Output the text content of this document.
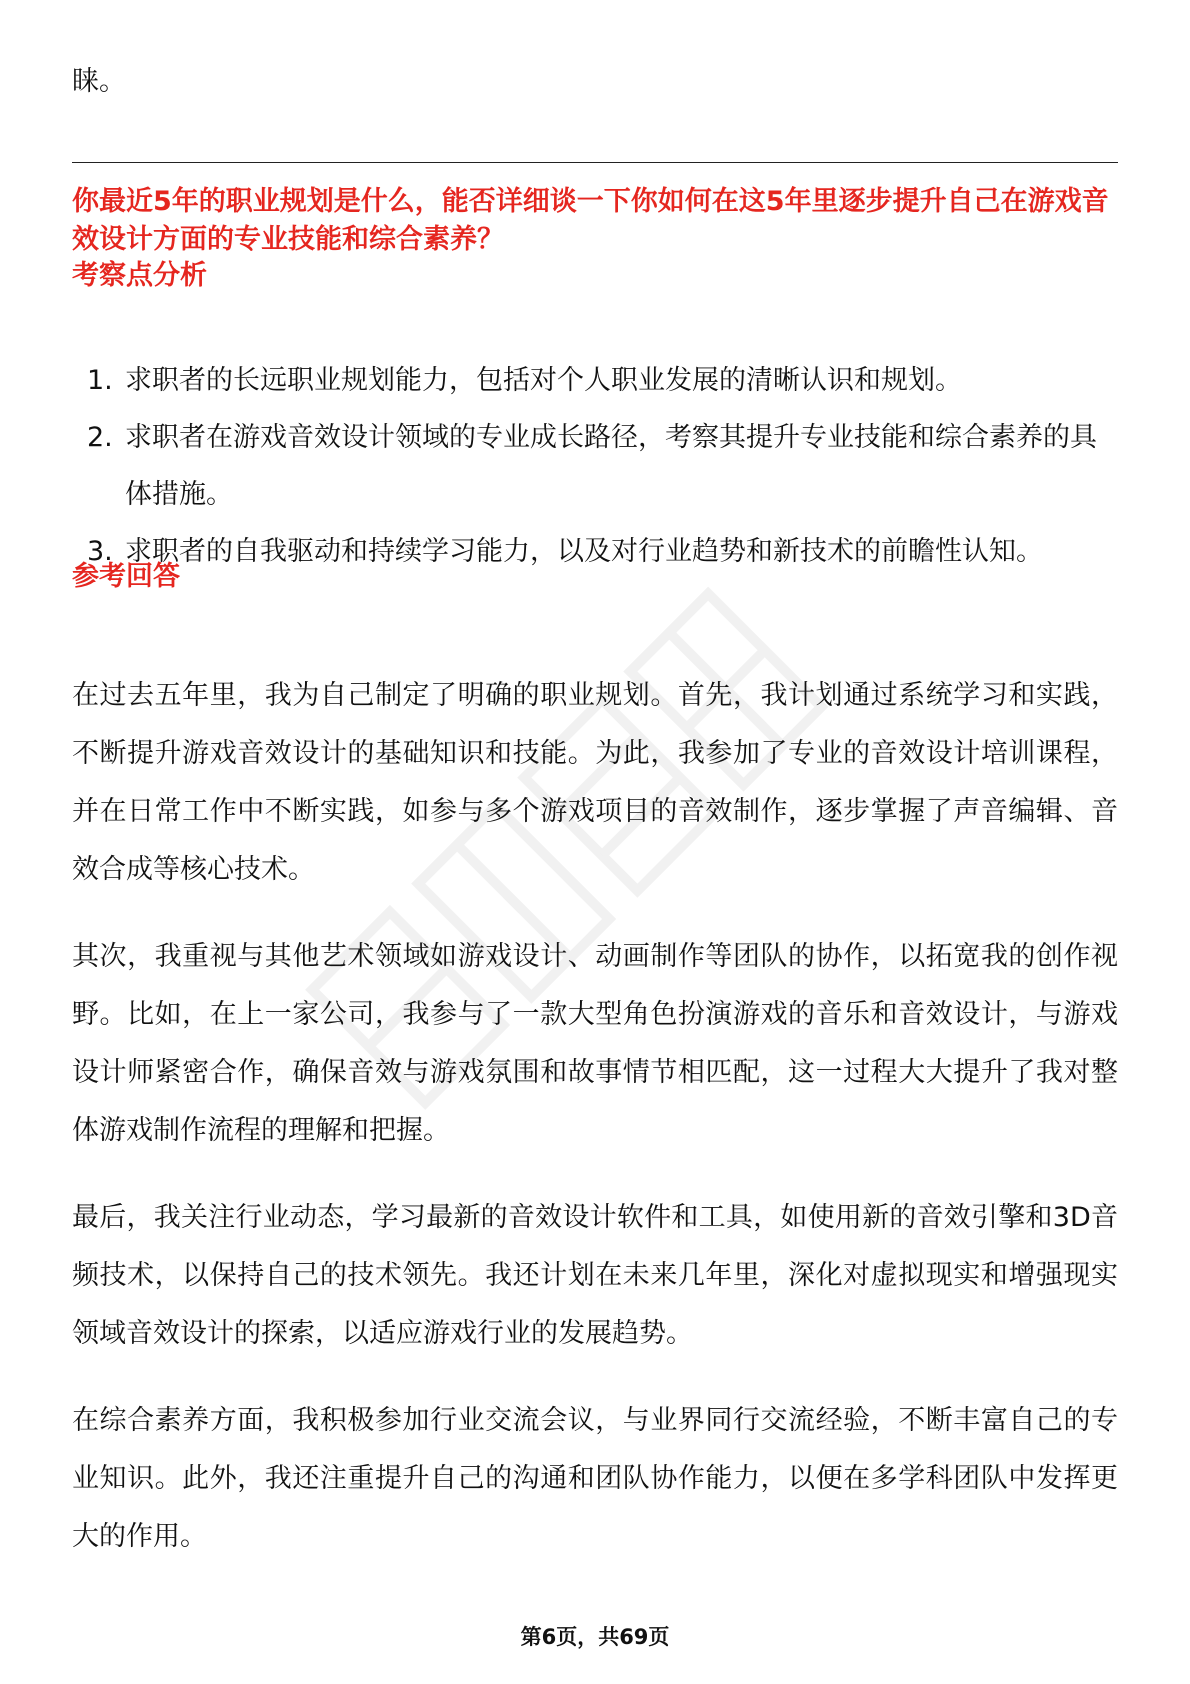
睐。
你最近5年的职业规划是什么，能否详细谈一下你如何在这5年里逐步提升自己在游戏音效设计方面的专业技能和综合素养？
考察点分析
1. 求职者的长远职业规划能力，包括对个人职业发展的清晰认识和规划。
2. 求职者在游戏音效设计领域的专业成长路径，考察其提升专业技能和综合素养的具体措施。
3. 求职者的自我驱动和持续学习能力，以及对行业趋势和新技术的前瞻性认知。
参考回答

在过去五年里，我为自己制定了明确的职业规划。首先，我计划通过系统学习和实践，不断提升游戏音效设计的基础知识和技能。为此，我参加了专业的音效设计培训课程，并在日常工作中不断实践，如参与多个游戏项目的音效制作，逐步掌握了声音编辑、音效合成等核心技术。

其次，我重视与其他艺术领域如游戏设计、动画制作等团队的协作，以拓宽我的创作视野。比如，在上一家公司，我参与了一款大型角色扮演游戏的音乐和音效设计，与游戏设计师紧密合作，确保音效与游戏氛围和故事情节相匹配，这一过程大大提升了我对整体游戏制作流程的理解和把握。

最后，我关注行业动态，学习最新的音效设计软件和工具，如使用新的音效引擎和3D音频技术，以保持自己的技术领先。我还计划在未来几年里，深化对虚拟现实和增强现实领域音效设计的探索，以适应游戏行业的发展趋势。

在综合素养方面，我积极参加行业交流会议，与业界同行交流经验，不断丰富自己的专业知识。此外，我还注重提升自己的沟通和团队协作能力，以便在多学科团队中发挥更大的作用。

第6页，共69页
